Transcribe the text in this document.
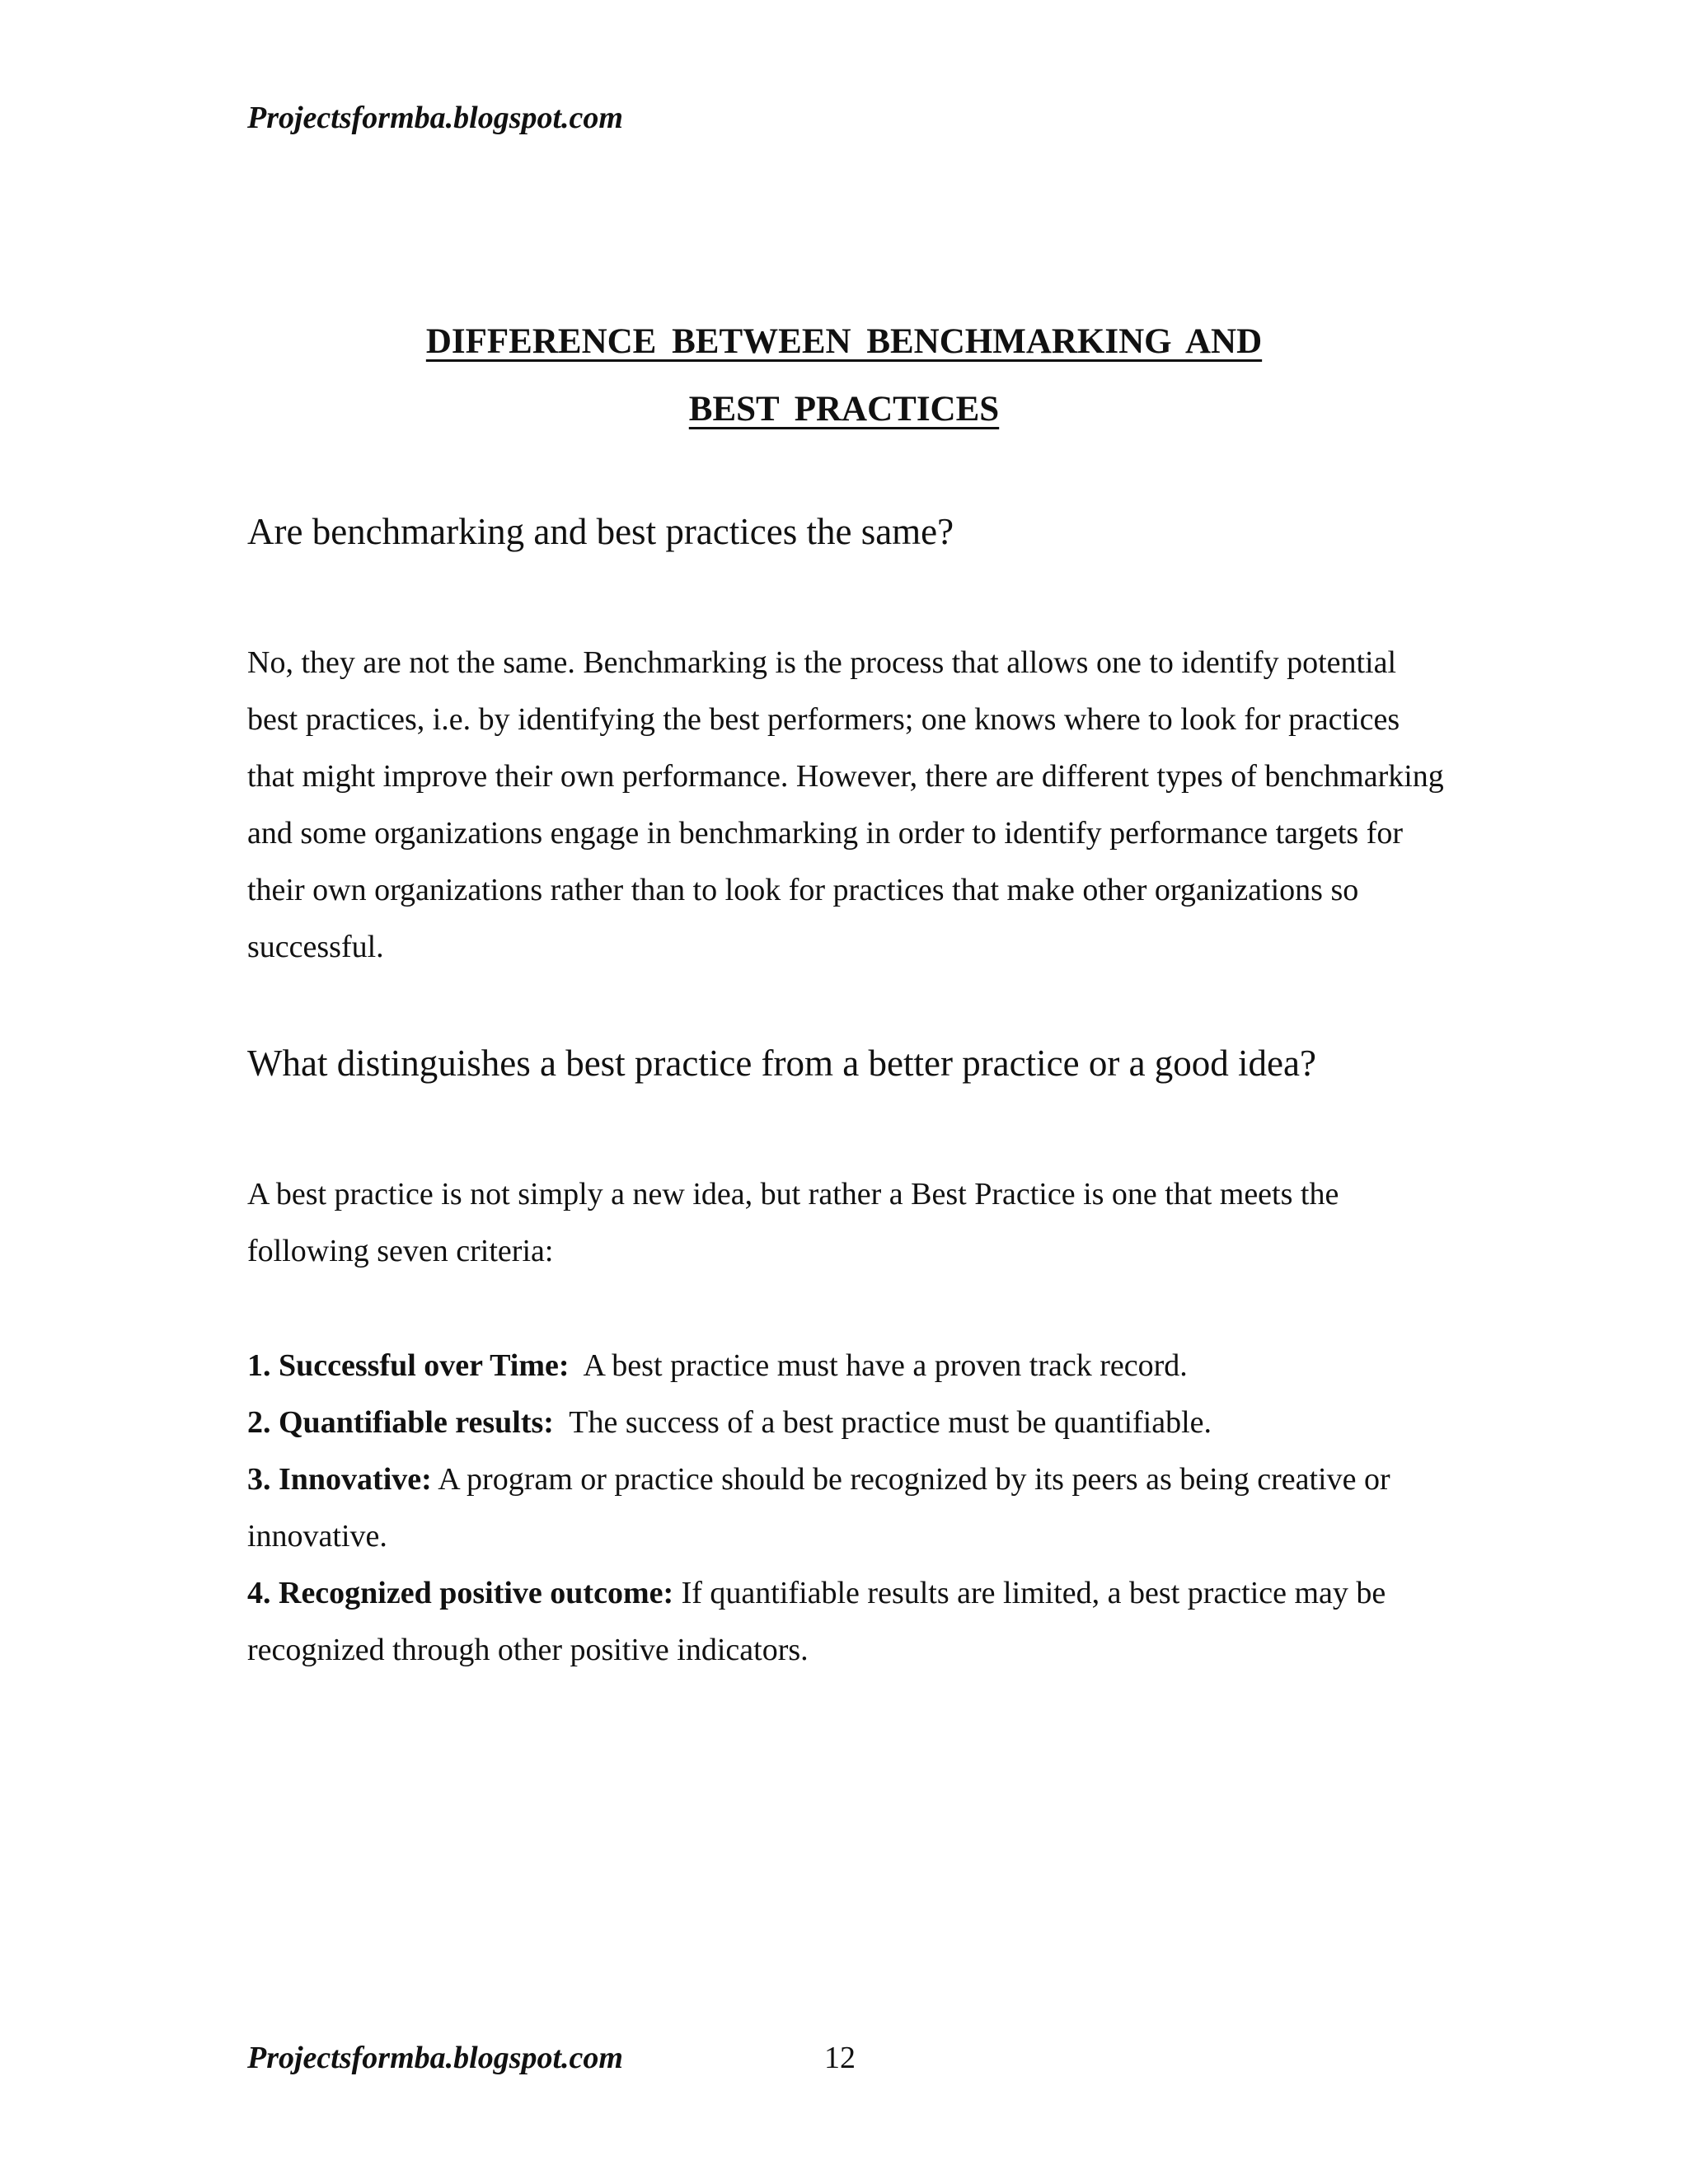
Projectsformba.blogspot.com
DIFFERENCE BETWEEN BENCHMARKING AND
BEST PRACTICES
Are benchmarking and best practices the same?

No, they are not the same. Benchmarking is the process that allows one to identify potential best practices, i.e. by identifying the best performers; one knows where to look for practices that might improve their own performance. However, there are different types of benchmarking and some organizations engage in benchmarking in order to identify performance targets for their own organizations rather than to look for practices that make other organizations so successful.

What distinguishes a best practice from a better practice or a good idea?

A best practice is not simply a new idea, but rather a Best Practice is one that meets the following seven criteria:

1. Successful over Time:  A best practice must have a proven track record.

2. Quantifiable results:  The success of a best practice must be quantifiable.

3. Innovative: A program or practice should be recognized by its peers as being creative or innovative.

4. Recognized positive outcome: If quantifiable results are limited, a best practice may be recognized through other positive indicators.

Projectsformba.blogspot.com	12
